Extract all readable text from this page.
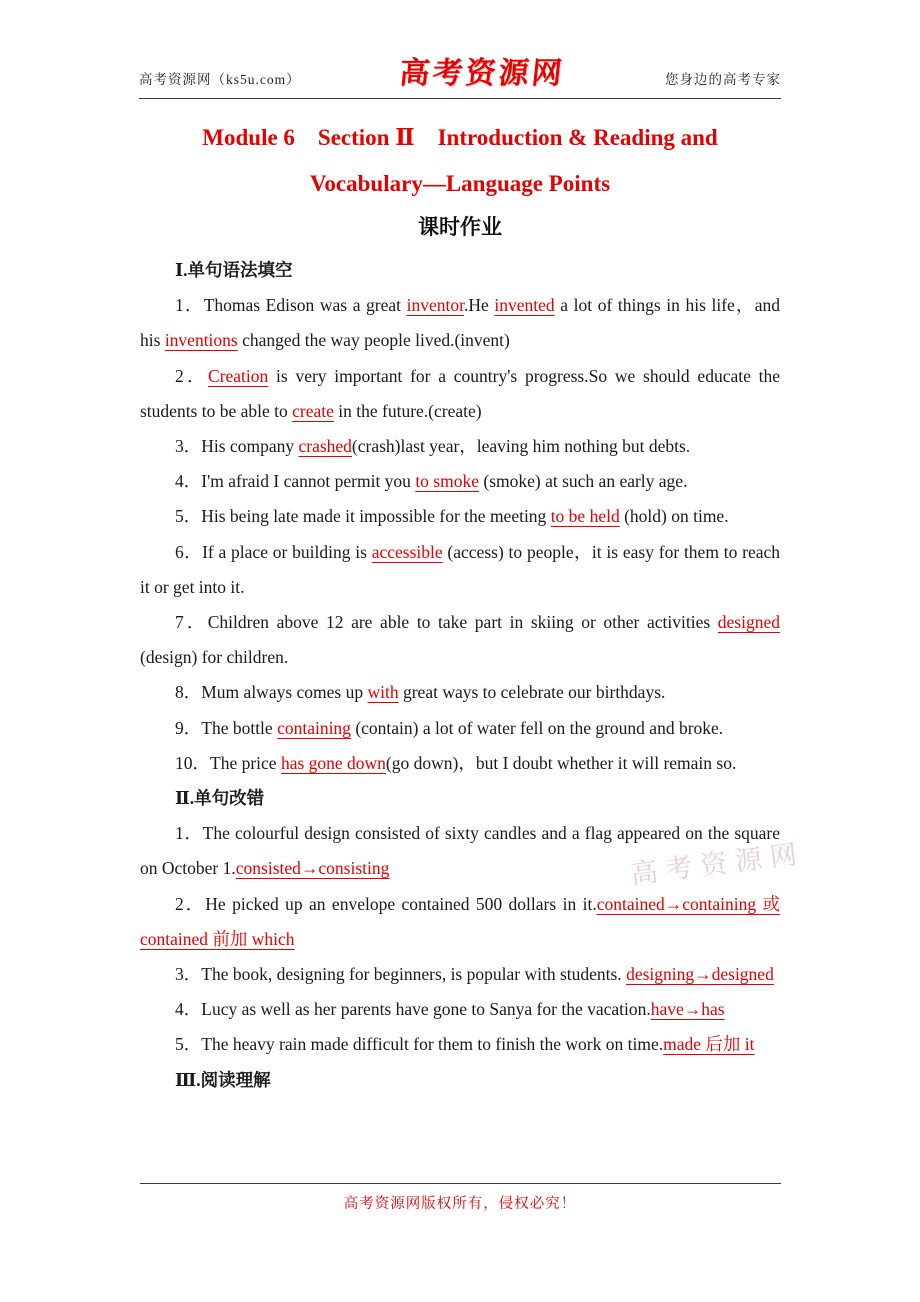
高考资源网（ks5u.com）	高考资源网	您身边的高考专家
Module 6　Section Ⅱ　Introduction & Reading and
Vocabulary—Language Points
课时作业

Ⅰ.单句语法填空

1．Thomas Edison was a great inventor.He invented a lot of things in his life，and his inventions changed the way people lived.(invent)

2．Creation is very important for a country's progress.So we should educate the students to be able to create in the future.(create)

3．His company crashed(crash)last year，leaving him nothing but debts.

4．I'm afraid I cannot permit you to smoke (smoke) at such an early age.

5．His being late made it impossible for the meeting to be held (hold) on time.

6．If a place or building is accessible (access) to people，it is easy for them to reach it or get into it.

7．Children above 12 are able to take part in skiing or other activities designed (design) for children.

8．Mum always comes up with great ways to celebrate our birthdays.

9．The bottle containing (contain) a lot of water fell on the ground and broke.

10．The price has gone down(go down)，but I doubt whether it will remain so.

Ⅱ.单句改错

1．The colourful design consisted of sixty candles and a flag appeared on the square on October 1.consisted→consisting

2．He picked up an envelope contained 500 dollars in it.contained→containing 或 contained 前加 which

3．The book, designing for beginners, is popular with students. designing→designed

4．Lucy as well as her parents have gone to Sanya for the vacation.have→has

5．The heavy rain made difficult for them to finish the work on time.made 后加 it

Ⅲ.阅读理解

高考资源网
高考资源网版权所有，侵权必究！
